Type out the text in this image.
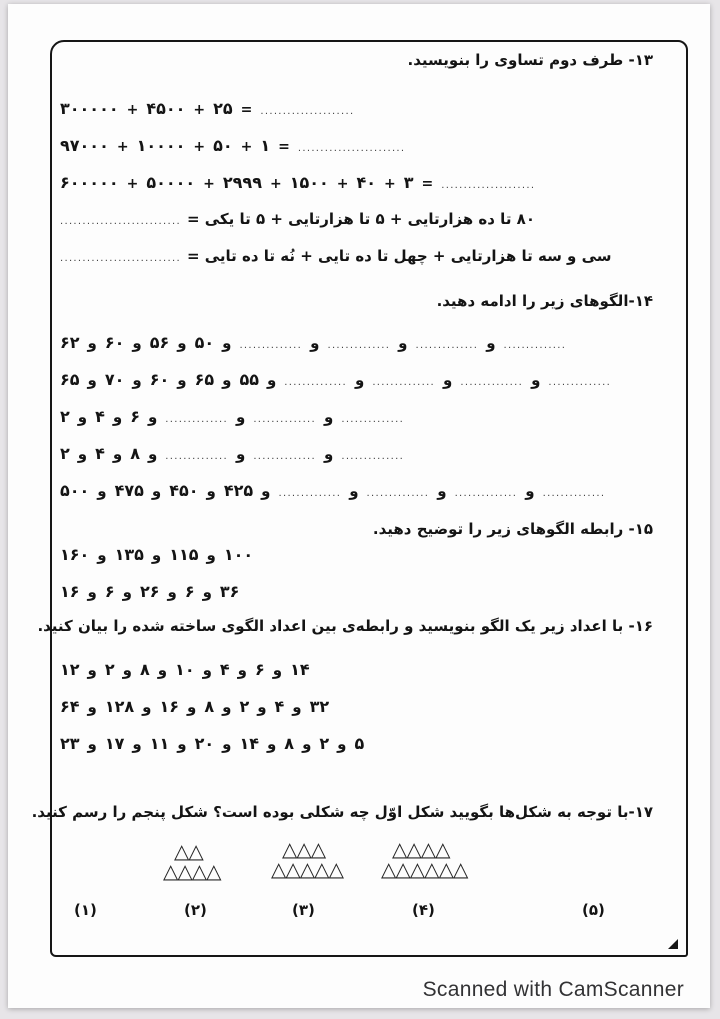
۱۳- طرف دوم تساوی را بنویسید.
۳۰۰۰۰۰ + ۴۵۰۰ + ۲۵ = .....................
۹۷۰۰۰ + ۱۰۰۰۰ + ۵۰ + ۱ = ........................
۶۰۰۰۰۰ + ۵۰۰۰۰ + ۲۹۹۹ + ۱۵۰۰ + ۴۰ + ۳ = .....................
........................... ۸۰ تا ده هزارتایی + ۵ تا هزارتایی + ۵ تا یکی =
........................... سی و سه تا هزارتایی + چهل تا ده تایی + نُه تا ده تایی =
۱۴-الگوهای زیر را ادامه دهید.
۶۲ و ۶۰ و ۵۶ و ۵۰ و .............. و .............. و .............. و ..............
۶۵ و ۷۰ و ۶۰ و ۶۵ و ۵۵ و .............. و .............. و .............. و ..............
۲ و ۴ و ۶ و .............. و .............. و ..............
۲ و ۴ و ۸ و .............. و .............. و ..............
۵۰۰ و ۴۷۵ و ۴۵۰ و ۴۲۵ و .............. و .............. و .............. و ..............
۱۵- رابطه الگوهای زیر را توضیح دهید.
۱۶۰ و ۱۳۵ و ۱۱۵ و ۱۰۰
۱۶ و ۶ و ۲۶ و ۶ و ۳۶
۱۶- با اعداد زیر یک الگو بنویسید و رابطه‌ی بین اعداد الگوی ساخته شده را بیان کنید.
۱۲ و ۲ و ۸ و ۱۰ و ۴ و ۶ و ۱۴
۶۴ و ۱۲۸ و ۱۶ و ۸ و ۲ و ۴ و ۳۲
۲۳ و ۱۷ و ۱۱ و ۲۰ و ۱۴ و ۸ و ۲ و ۵
۱۷-با توجه به شکل‌ها بگویید شکل اوّل چه شکلی بوده است؟ شکل پنجم را رسم کنید.
△ △
△ △ △ △
△ △ △
△ △ △ △ △
△ △ △ △
△ △ △ △ △ △
(۱)	(۲)	(۳)	(۴)	(۵)
Scanned with CamScanner
